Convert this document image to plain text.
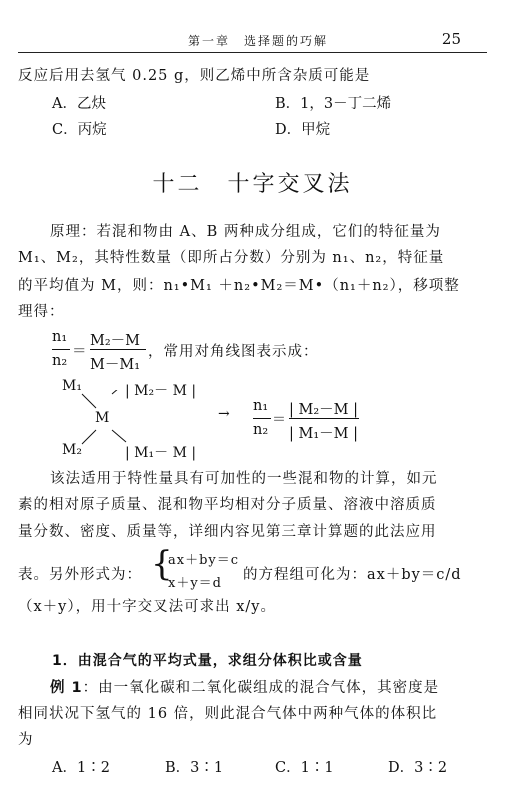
第一章　选择题的巧解	25
反应后用去氢气 0.25 g，则乙烯中所含杂质可能是
A．乙炔	B．1，3－丁二烯
C．丙烷	D．甲烷
十二　十字交叉法
原理：若混和物由 A、B 两种成分组成，它们的特征量为
M₁、M₂，其特性数量（即所占分数）分别为 n₁、n₂，特征量
的平均值为 M，则：n₁•M₁ ＋n₂•M₂＝M•（n₁＋n₂），移项整
理得：
n₁
n₂
＝
M₂－M
M－M₁
，常用对角线图表示成：
M₁
M
M₂
| M₂－ M |
| M₁－ M |
→ n₁
n₂
＝
| M₂－M |
| M₁－M |
该法适用于特性量具有可加性的一些混和物的计算，如元
素的相对原子质量、混和物平均相对分子质量、溶液中溶质质
量分数、密度、质量等，详细内容见第三章计算题的此法应用
表。另外形式为： {
ax＋by＝c
x＋y＝d
的方程组可化为：ax＋by＝c/d
（x＋y），用十字交叉法可求出 x/y。
1．由混合气的平均式量，求组分体积比或含量
例 1：由一氧化碳和二氧化碳组成的混合气体，其密度是
相同状况下氢气的 16 倍，则此混合气体中两种气体的体积比
为
A．1∶2	B．3∶1	C．1∶1	D．3∶2
